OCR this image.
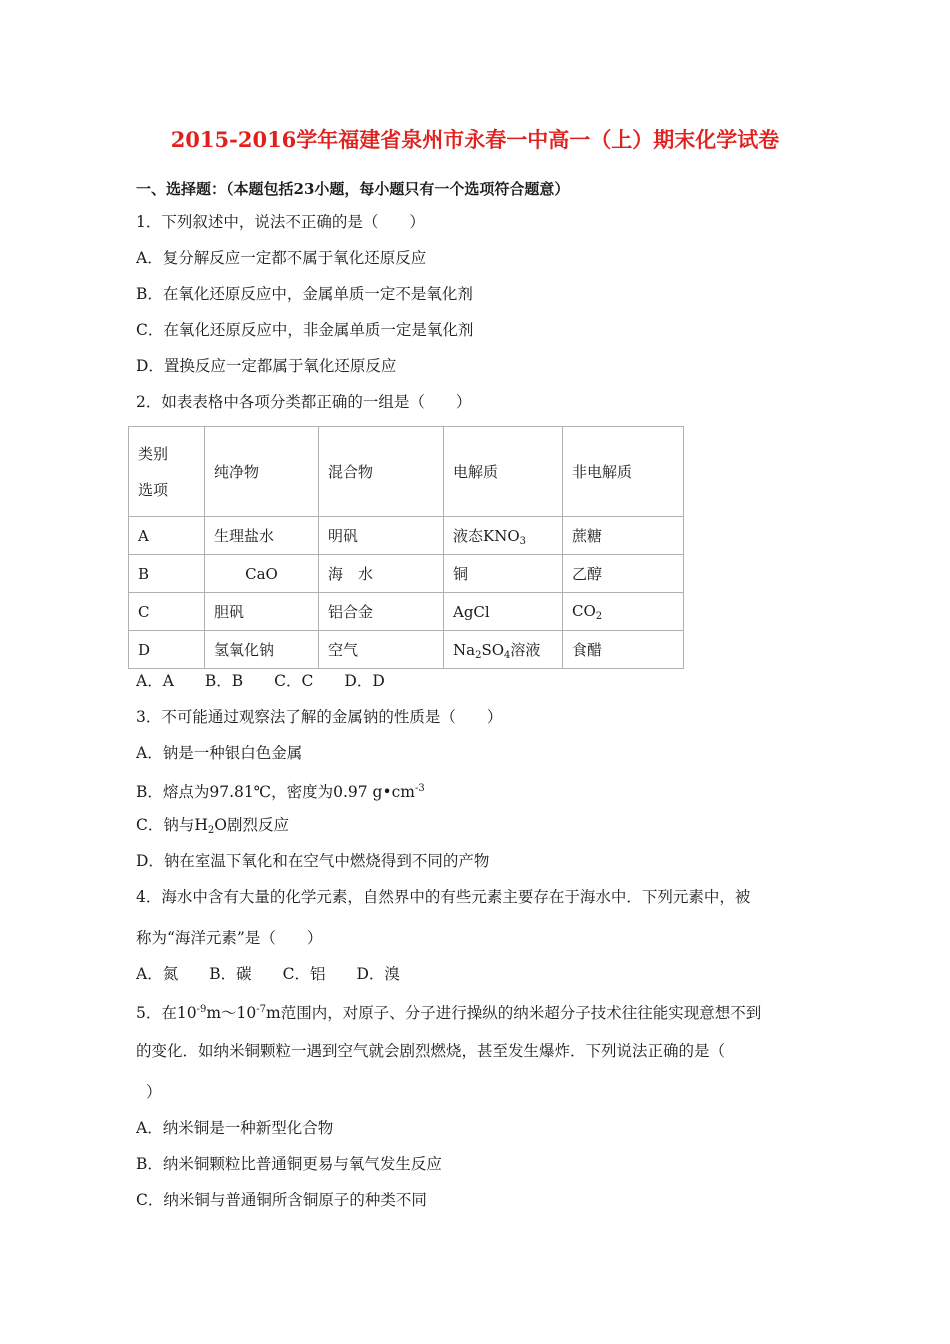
2015-2016学年福建省泉州市永春一中高一（上）期末化学试卷
一、选择题：（本题包括23小题，每小题只有一个选项符合题意）
1．下列叙述中，说法不正确的是（　　）
A．复分解反应一定都不属于氧化还原反应
B．在氧化还原反应中，金属单质一定不是氧化剂
C．在氧化还原反应中，非金属单质一定是氧化剂
D．置换反应一定都属于氧化还原反应
2．如表表格中各项分类都正确的一组是（　　）
类别
选项	纯净物	混合物	电解质	非电解质
A	生理盐水	明矾	液态$KNO_3$	蔗糖
B	CaO	海　水	铜	乙醇
C	胆矾	铝合金	AgCl	$CO_2$
D	氢氧化钠	空气	$Na_2SO_4$溶液	食醋
A．A　　B．B　　C．C　　D．D
3．不可能通过观察法了解的金属钠的性质是（　　）
A．钠是一种银白色金属
B．熔点为97.81℃，密度为0.97 $g•cm^{-3}$
C．钠与$H_2O$剧烈反应
D．钠在室温下氧化和在空气中燃烧得到不同的产物
4．海水中含有大量的化学元素，自然界中的有些元素主要存在于海水中．下列元素中，被
称为“海洋元素”是（　　）
A．氮　　B．碳　　C．铝　　D．溴
5．在$10^{-9}m\sim 10^{-7}m$范围内，对原子、分子进行操纵的纳米超分子技术往往能实现意想不到
的变化．如纳米铜颗粒一遇到空气就会剧烈燃烧，甚至发生爆炸．下列说法正确的是（
）
A．纳米铜是一种新型化合物
B．纳米铜颗粒比普通铜更易与氧气发生反应
C．纳米铜与普通铜所含铜原子的种类不同
